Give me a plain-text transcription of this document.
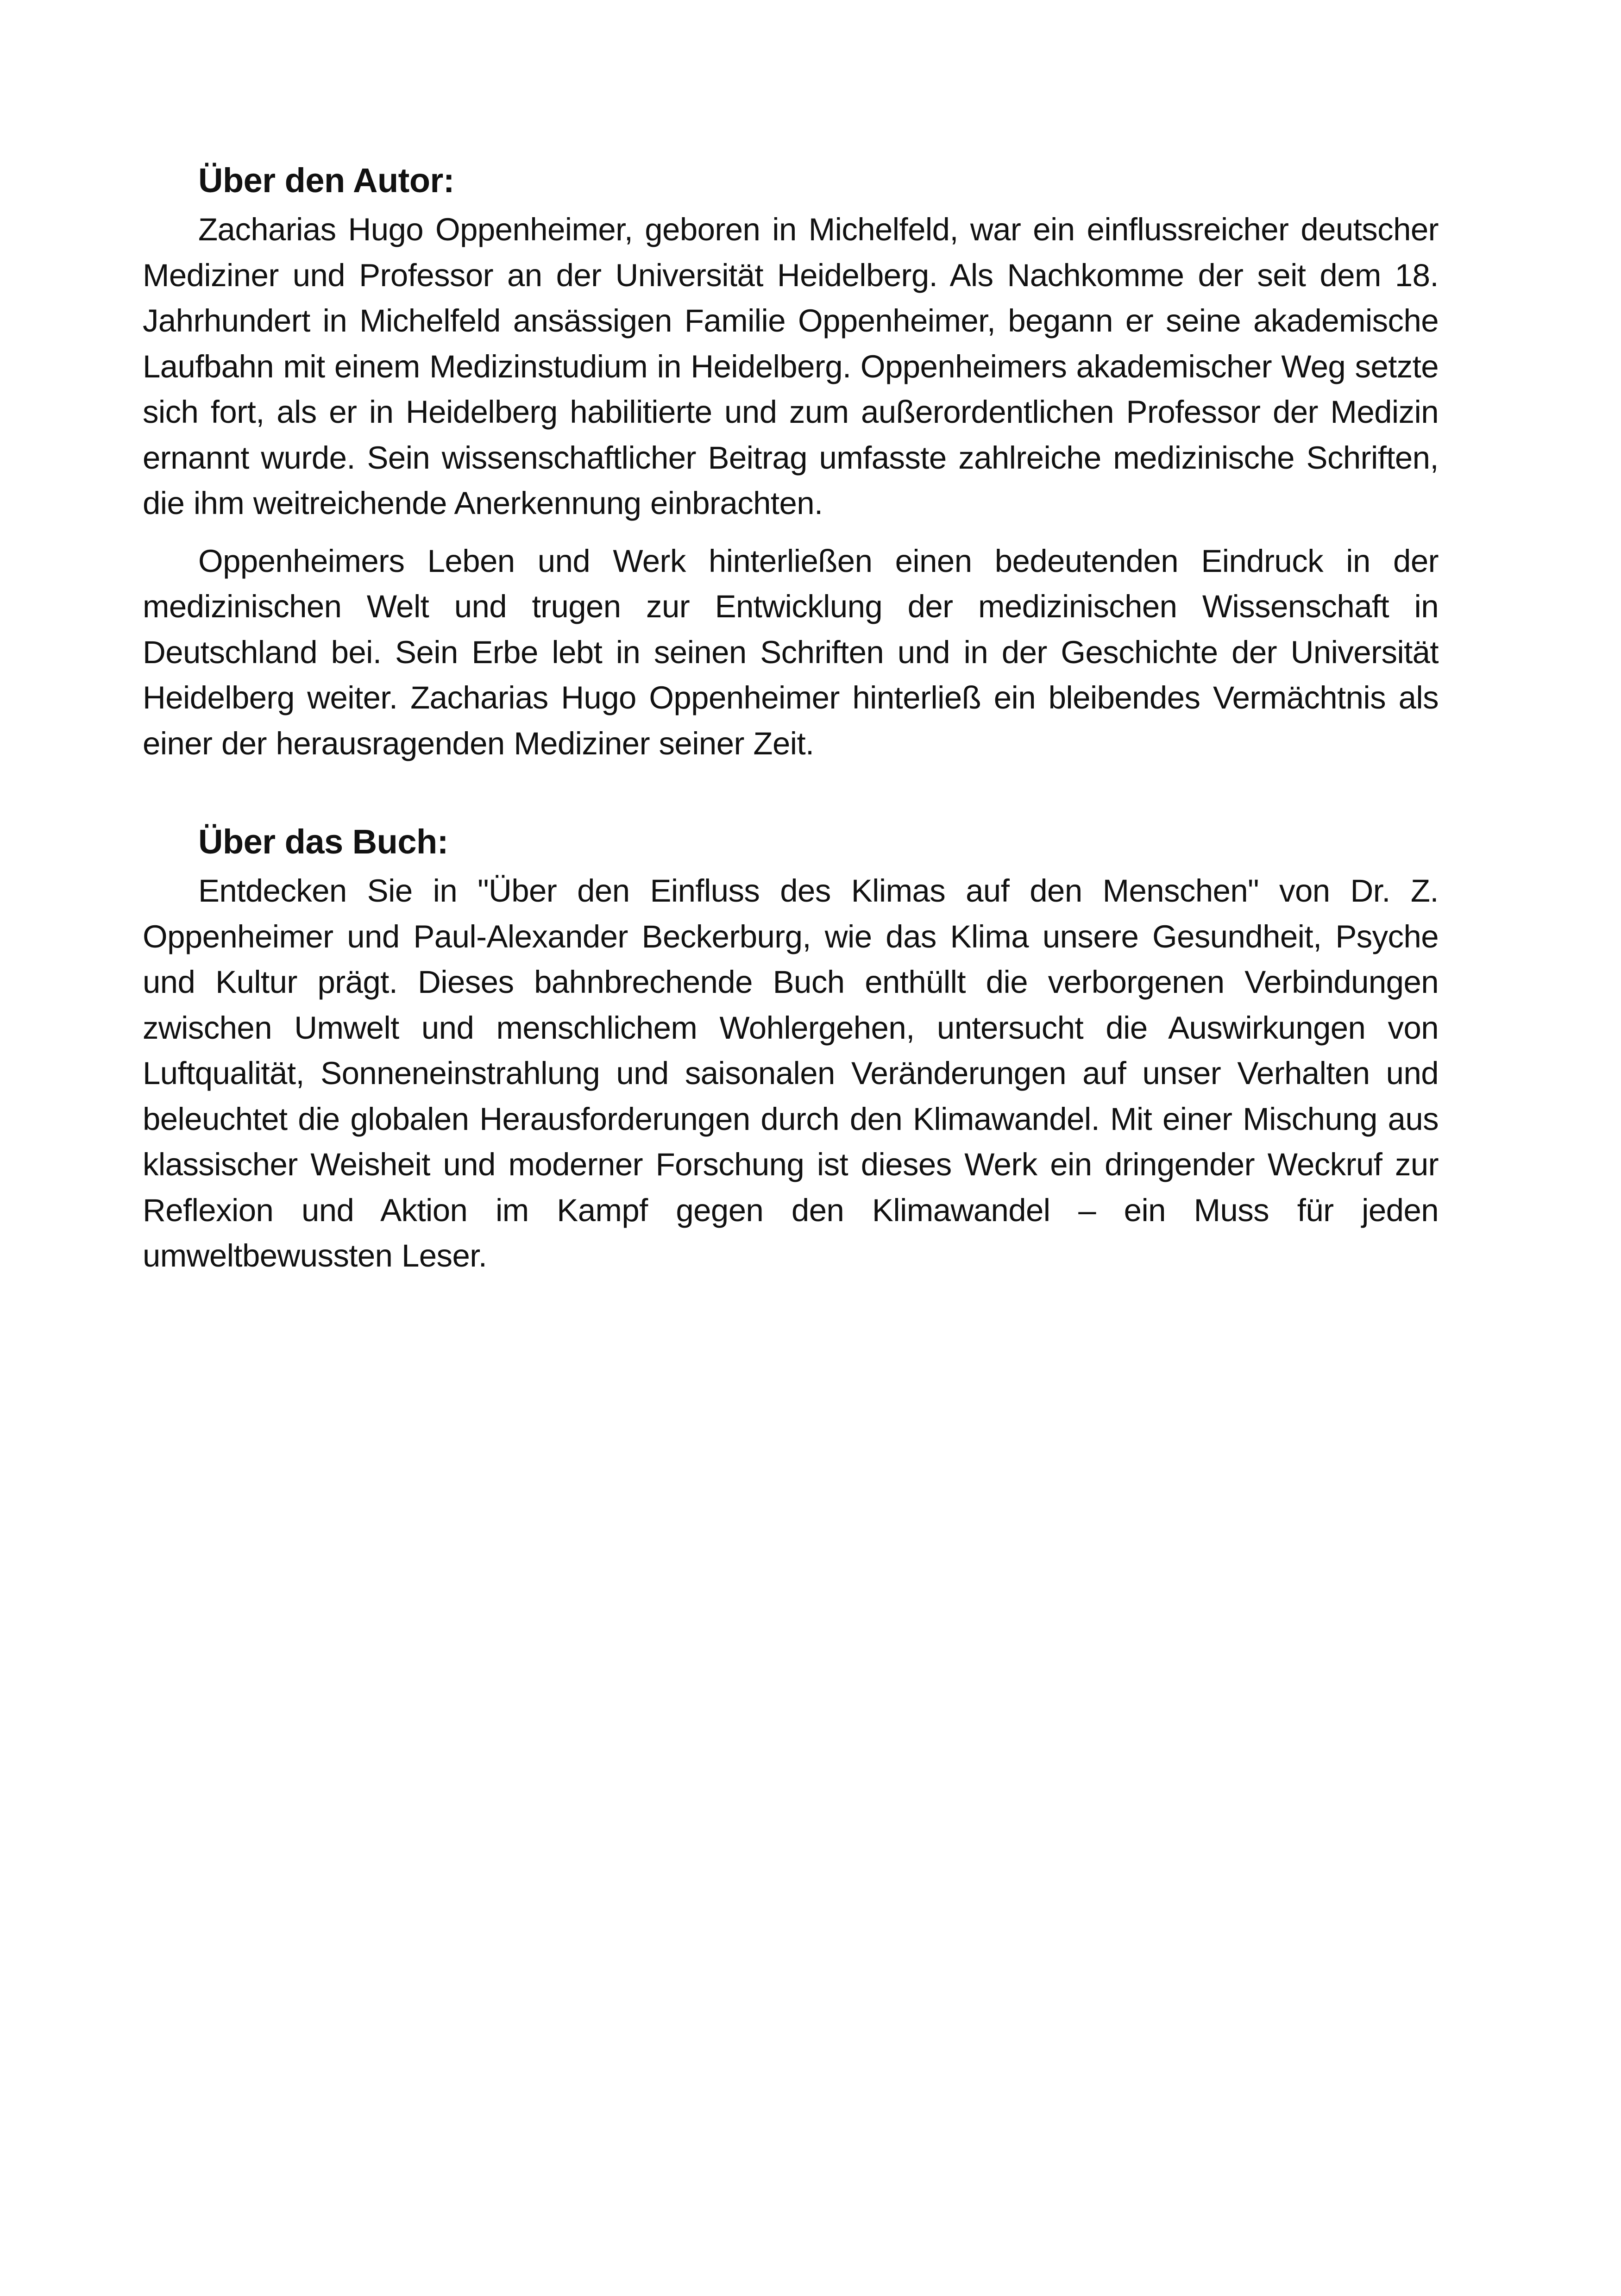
Über den Autor:

Zacharias Hugo Oppenheimer, geboren in Michelfeld, war ein einflussreicher deutscher Mediziner und Professor an der Universität Heidelberg. Als Nachkomme der seit dem 18. Jahrhundert in Michelfeld ansässigen Familie Oppenheimer, begann er seine akademische Laufbahn mit einem Medizinstudium in Heidelberg. Oppenheimers akademischer Weg setzte sich fort, als er in Heidelberg habilitierte und zum außerordentlichen Professor der Medizin ernannt wurde. Sein wissenschaftlicher Beitrag umfasste zahlreiche medizinische Schriften, die ihm weitreichende Anerkennung einbrachten.

Oppenheimers Leben und Werk hinterließen einen bedeutenden Eindruck in der medizinischen Welt und trugen zur Entwicklung der medizinischen Wissenschaft in Deutschland bei. Sein Erbe lebt in seinen Schriften und in der Geschichte der Universität Heidelberg weiter. Zacharias Hugo Oppenheimer hinterließ ein bleibendes Vermächtnis als einer der herausragenden Mediziner seiner Zeit.

Über das Buch:

Entdecken Sie in "Über den Einfluss des Klimas auf den Menschen" von Dr. Z. Oppenheimer und Paul-Alexander Beckerburg, wie das Klima unsere Gesundheit, Psyche und Kultur prägt. Dieses bahnbrechende Buch enthüllt die verborgenen Verbindungen zwischen Umwelt und menschlichem Wohlergehen, untersucht die Auswirkungen von Luftqualität, Sonneneinstrahlung und saisonalen Veränderungen auf unser Verhalten und beleuchtet die globalen Herausforderungen durch den Klimawandel. Mit einer Mischung aus klassischer Weisheit und moderner Forschung ist dieses Werk ein dringender Weckruf zur Reflexion und Aktion im Kampf gegen den Klimawandel – ein Muss für jeden umweltbewussten Leser.
